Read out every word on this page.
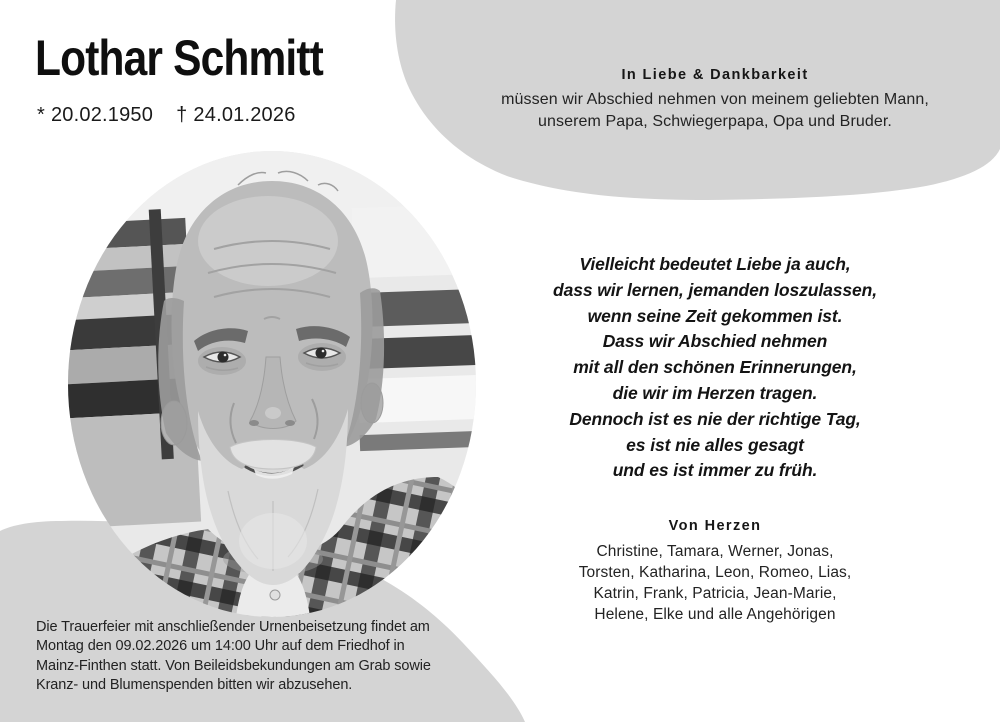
Lothar Schmitt
* 20.02.1950 † 24.01.2026
In Liebe & Dankbarkeit
müssen wir Abschied nehmen von meinem geliebten Mann,
unserem Papa, Schwiegerpapa, Opa und Bruder.
Vielleicht bedeutet Liebe ja auch,
dass wir lernen, jemanden loszulassen,
wenn seine Zeit gekommen ist.
Dass wir Abschied nehmen
mit all den schönen Erinnerungen,
die wir im Herzen tragen.
Dennoch ist es nie der richtige Tag,
es ist nie alles gesagt
und es ist immer zu früh.
Von Herzen
Christine, Tamara, Werner, Jonas,
Torsten, Katharina, Leon, Romeo, Lias,
Katrin, Frank, Patricia, Jean-Marie,
Helene, Elke und alle Angehörigen
Die Trauerfeier mit anschließender Urnenbeisetzung findet am
Montag den 09.02.2026 um 14:00 Uhr auf dem Friedhof in
Mainz-Finthen statt. Von Beileidsbekundungen am Grab sowie
Kranz- und Blumenspenden bitten wir abzusehen.
